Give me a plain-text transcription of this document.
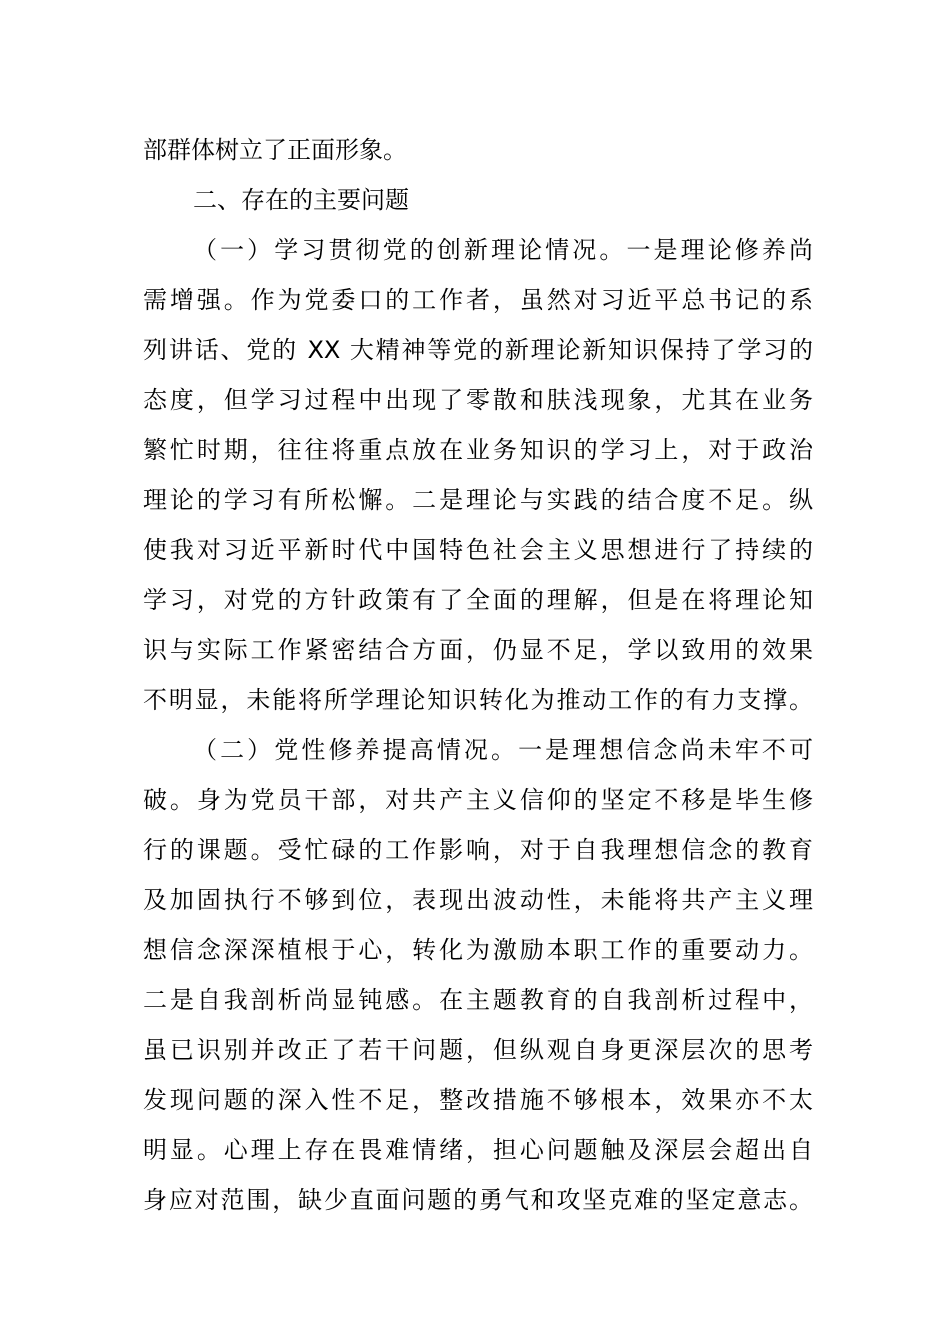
部群体树立了正面形象。
二、存在的主要问题
（一）学习贯彻党的创新理论情况。一是理论修养尚
需增强。作为党委口的工作者，虽然对习近平总书记的系
列讲话、党的 XX 大精神等党的新理论新知识保持了学习的
态度，但学习过程中出现了零散和肤浅现象，尤其在业务
繁忙时期，往往将重点放在业务知识的学习上，对于政治
理论的学习有所松懈。二是理论与实践的结合度不足。纵
使我对习近平新时代中国特色社会主义思想进行了持续的
学习，对党的方针政策有了全面的理解，但是在将理论知
识与实际工作紧密结合方面，仍显不足，学以致用的效果
不明显，未能将所学理论知识转化为推动工作的有力支撑。
（二）党性修养提高情况。一是理想信念尚未牢不可
破。身为党员干部，对共产主义信仰的坚定不移是毕生修
行的课题。受忙碌的工作影响，对于自我理想信念的教育
及加固执行不够到位，表现出波动性，未能将共产主义理
想信念深深植根于心，转化为激励本职工作的重要动力。
二是自我剖析尚显钝感。在主题教育的自我剖析过程中，
虽已识别并改正了若干问题，但纵观自身更深层次的思考
发现问题的深入性不足，整改措施不够根本，效果亦不太
明显。心理上存在畏难情绪，担心问题触及深层会超出自
身应对范围，缺少直面问题的勇气和攻坚克难的坚定意志。
